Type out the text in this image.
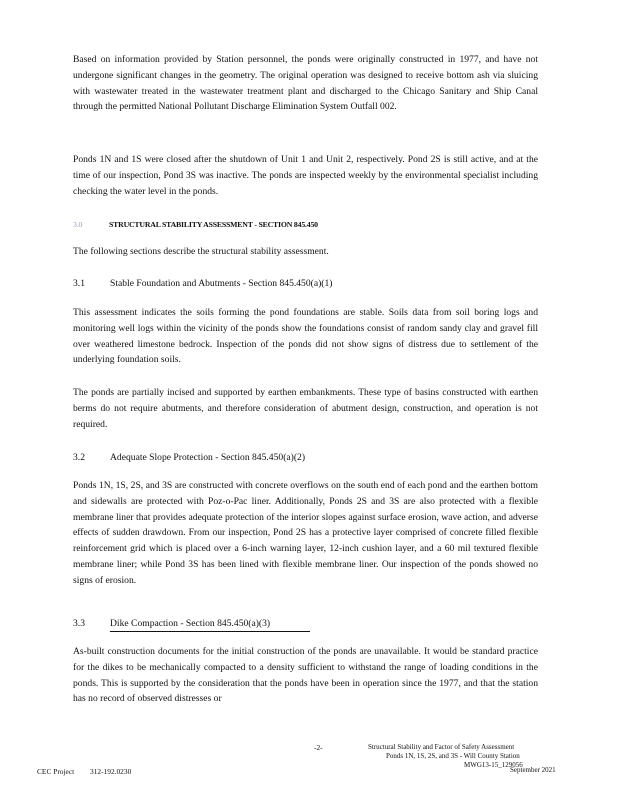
Based on information provided by Station personnel, the ponds were originally constructed in 1977, and have not undergone significant changes in the geometry. The original operation was designed to receive bottom ash via sluicing with wastewater treated in the wastewater treatment plant and discharged to the Chicago Sanitary and Ship Canal through the permitted National Pollutant Discharge Elimination System Outfall 002.

Ponds 1N and 1S were closed after the shutdown of Unit 1 and Unit 2, respectively. Pond 2S is still active, and at the time of our inspection, Pond 3S was inactive. The ponds are inspected weekly by the environmental specialist including checking the water level in the ponds.

3.0	STRUCTURAL STABILITY ASSESSMENT - SECTION 845.450

The following sections describe the structural stability assessment.

3.1	Stable Foundation and Abutments - Section 845.450(a)(1)

This assessment indicates the soils forming the pond foundations are stable. Soils data from soil boring logs and monitoring well logs within the vicinity of the ponds show the foundations consist of random sandy clay and gravel fill over weathered limestone bedrock. Inspection of the ponds did not show signs of distress due to settlement of the underlying foundation soils.

The ponds are partially incised and supported by earthen embankments. These type of basins constructed with earthen berms do not require abutments, and therefore consideration of abutment design, construction, and operation is not required.

3.2	Adequate Slope Protection - Section 845.450(a)(2)

Ponds 1N, 1S, 2S, and 3S are constructed with concrete overflows on the south end of each pond and the earthen bottom and sidewalls are protected with Poz-o-Pac liner. Additionally, Ponds 2S and 3S are also protected with a flexible membrane liner that provides adequate protection of the interior slopes against surface erosion, wave action, and adverse effects of sudden drawdown. From our inspection, Pond 2S has a protective layer comprised of concrete filled flexible reinforcement grid which is placed over a 6-inch warning layer, 12-inch cushion layer, and a 60 mil textured flexible membrane liner; while Pond 3S has been lined with flexible membrane liner. Our inspection of the ponds showed no signs of erosion.

3.3	Dike Compaction - Section 845.450(a)(3)

As-built construction documents for the initial construction of the ponds are unavailable. It would be standard practice for the dikes to be mechanically compacted to a density sufficient to withstand the range of loading conditions in the ponds. This is supported by the consideration that the ponds have been in operation since the 1977, and that the station has no record of observed distresses or

-2-	Structural Stability and Factor of Safety Assessment
Ponds 1N, 1S, 2S, and 3S - Will County Station
MWG13-15_129056
September 2021
CEC Project 312-192.0230
